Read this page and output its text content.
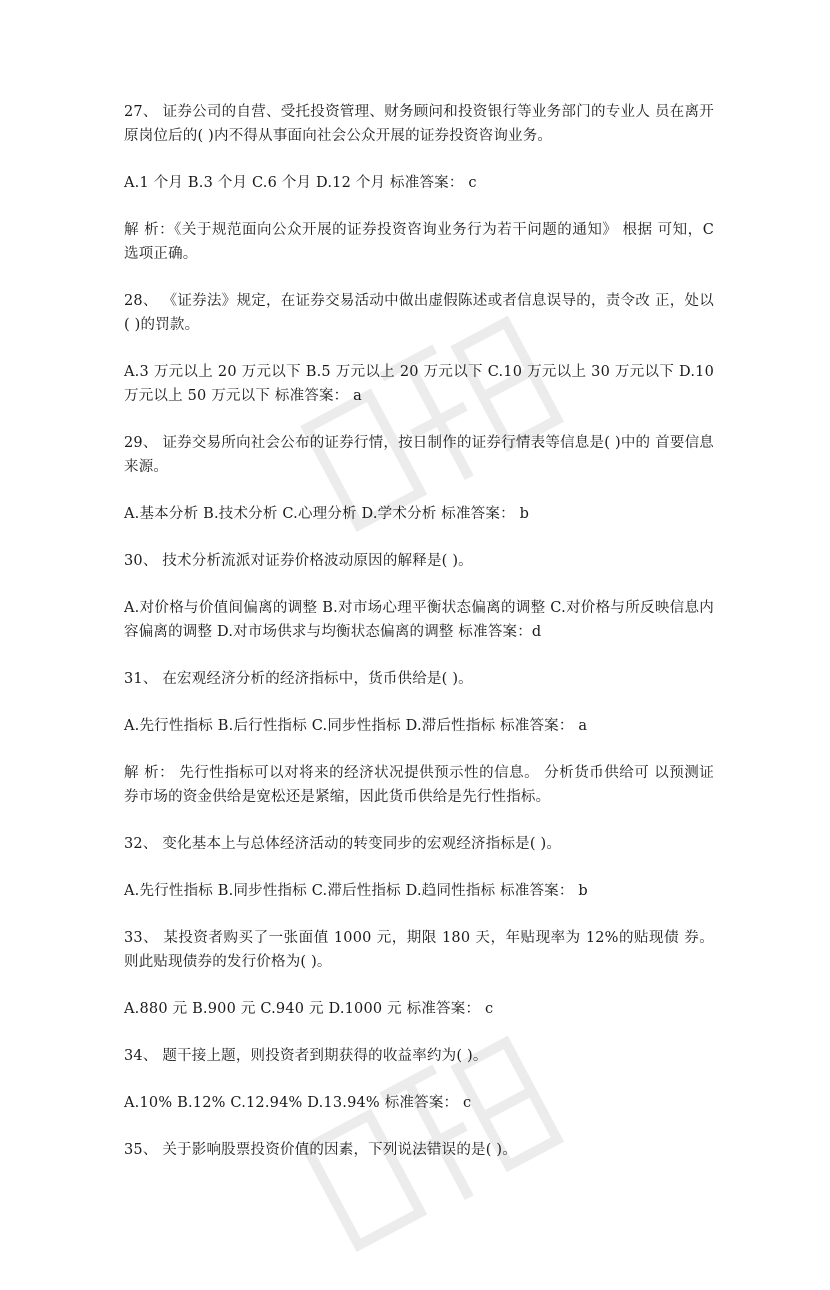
27、 证券公司的自营、受托投资管理、财务顾问和投资银行等业务部门的专业人 员在离开原岗位后的( )内不得从事面向社会公众开展的证券投资咨询业务。

A.1 个月 B.3 个月 C.6 个月 D.12 个月 标准答案： c

解 析：《关于规范面向公众开展的证券投资咨询业务行为若干问题的通知》 根据 可知，C 选项正确。

28、 《证券法》规定，在证券交易活动中做出虚假陈述或者信息误导的，责令改 正，处以( )的罚款。

A.3 万元以上 20 万元以下 B.5 万元以上 20 万元以下 C.10 万元以上 30 万元以下 D.10 万元以上 50 万元以下 标准答案： a

29、 证券交易所向社会公布的证券行情，按日制作的证券行情表等信息是( )中的 首要信息来源。

A.基本分析 B.技术分析 C.心理分析 D.学术分析 标准答案： b

30、 技术分析流派对证券价格波动原因的解释是( )。

A.对价格与价值间偏离的调整 B.对市场心理平衡状态偏离的调整 C.对价格与所反映信息内容偏离的调整 D.对市场供求与均衡状态偏离的调整 标准答案：d

31、 在宏观经济分析的经济指标中，货币供给是( )。

A.先行性指标 B.后行性指标 C.同步性指标 D.滞后性指标 标准答案： a

解 析： 先行性指标可以对将来的经济状况提供预示性的信息。 分析货币供给可 以预测证 券市场的资金供给是宽松还是紧缩，因此货币供给是先行性指标。

32、 变化基本上与总体经济活动的转变同步的宏观经济指标是( )。

A.先行性指标 B.同步性指标 C.滞后性指标 D.趋同性指标 标准答案： b

33、 某投资者购买了一张面值 1000 元，期限 180 天，年贴现率为 12%的贴现债 券。则此贴现债券的发行价格为( )。

A.880 元 B.900 元 C.940 元 D.1000 元 标准答案： c

34、 题干接上题，则投资者到期获得的收益率约为( )。

A.10% B.12% C.12.94% D.13.94% 标准答案： c

35、 关于影响股票投资价值的因素，下列说法错误的是( )。
